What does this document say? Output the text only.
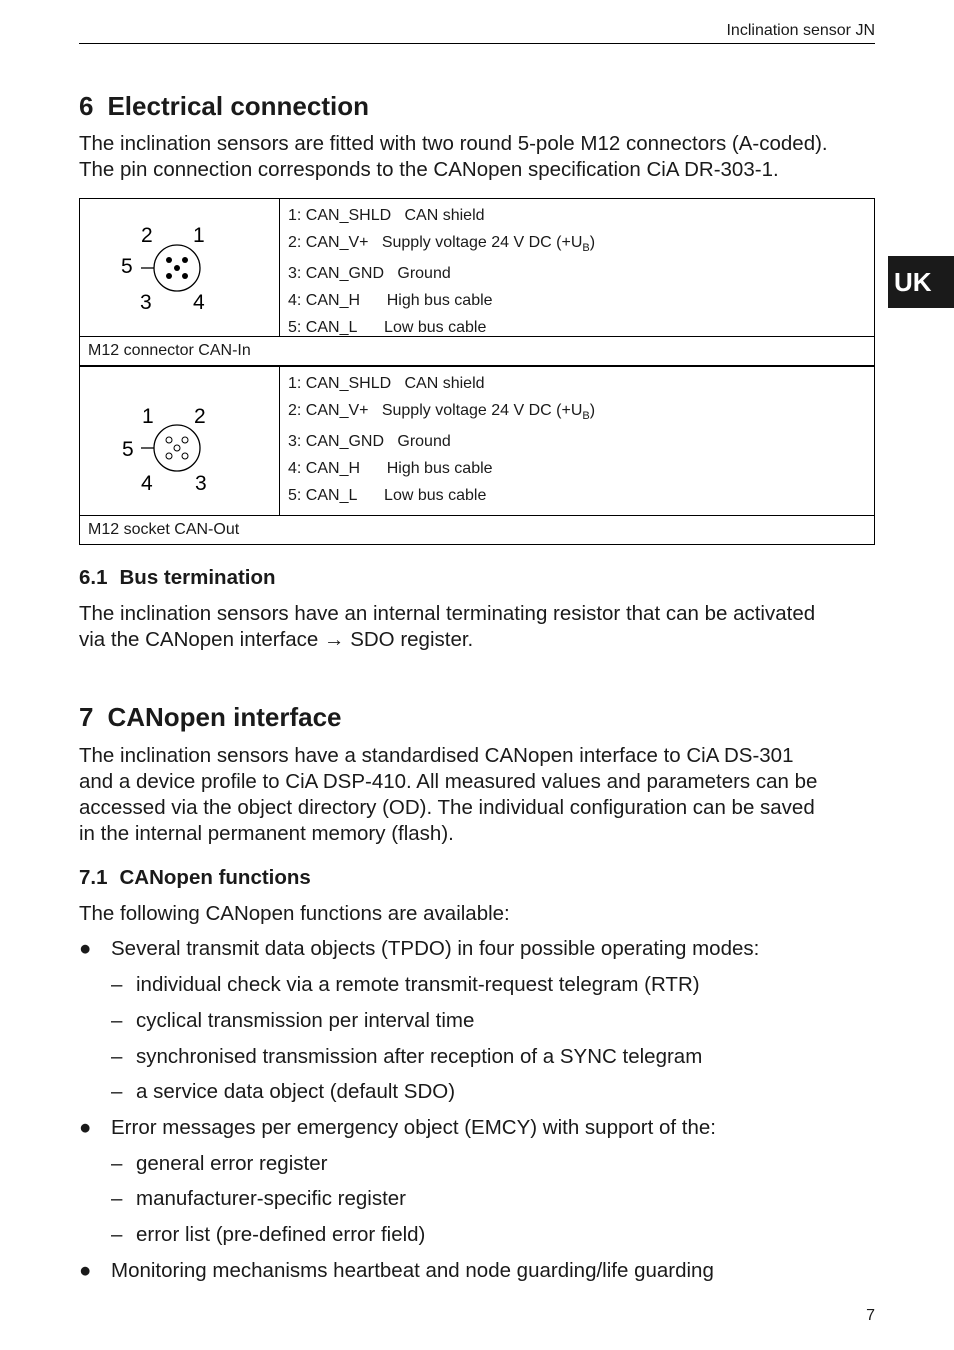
Inclination sensor JN
UK
6 Electrical connection
The inclination sensors are fitted with two round 5-pole M12 connectors (A-coded).
The pin connection corresponds to the CANopen specification CiA DR-303-1.
2 1
5
3 4
1: CAN_SHLD CAN shield
2: CAN_V+ Supply voltage 24 V DC $(+U_B)$
3: CAN_GND Ground
4: CAN_H High bus cable
5: CAN_L Low bus cable
M12 connector CAN-In
1 2
5
4 3
1: CAN_SHLD CAN shield
2: CAN_V+ Supply voltage 24 V DC $(+U_B)$
3: CAN_GND Ground
4: CAN_H High bus cable
5: CAN_L Low bus cable
M12 socket CAN-Out
6.1 Bus termination
The inclination sensors have an internal terminating resistor that can be activated
via the CANopen interface → SDO register.
7 CANopen interface
The inclination sensors have a standardised CANopen interface to CiA DS-301
and a device profile to CiA DSP-410. All measured values and parameters can be
accessed via the object directory (OD). The individual configuration can be saved
in the internal permanent memory (flash).
7.1 CANopen functions
The following CANopen functions are available:
● Several transmit data objects (TPDO) in four possible operating modes:
– individual check via a remote transmit-request telegram (RTR)
– cyclical transmission per interval time
– synchronised transmission after reception of a SYNC telegram
– a service data object (default SDO)
● Error messages per emergency object (EMCY) with support of the:
– general error register
– manufacturer-specific register
– error list (pre-defined error field)
● Monitoring mechanisms heartbeat and node guarding/life guarding
7
